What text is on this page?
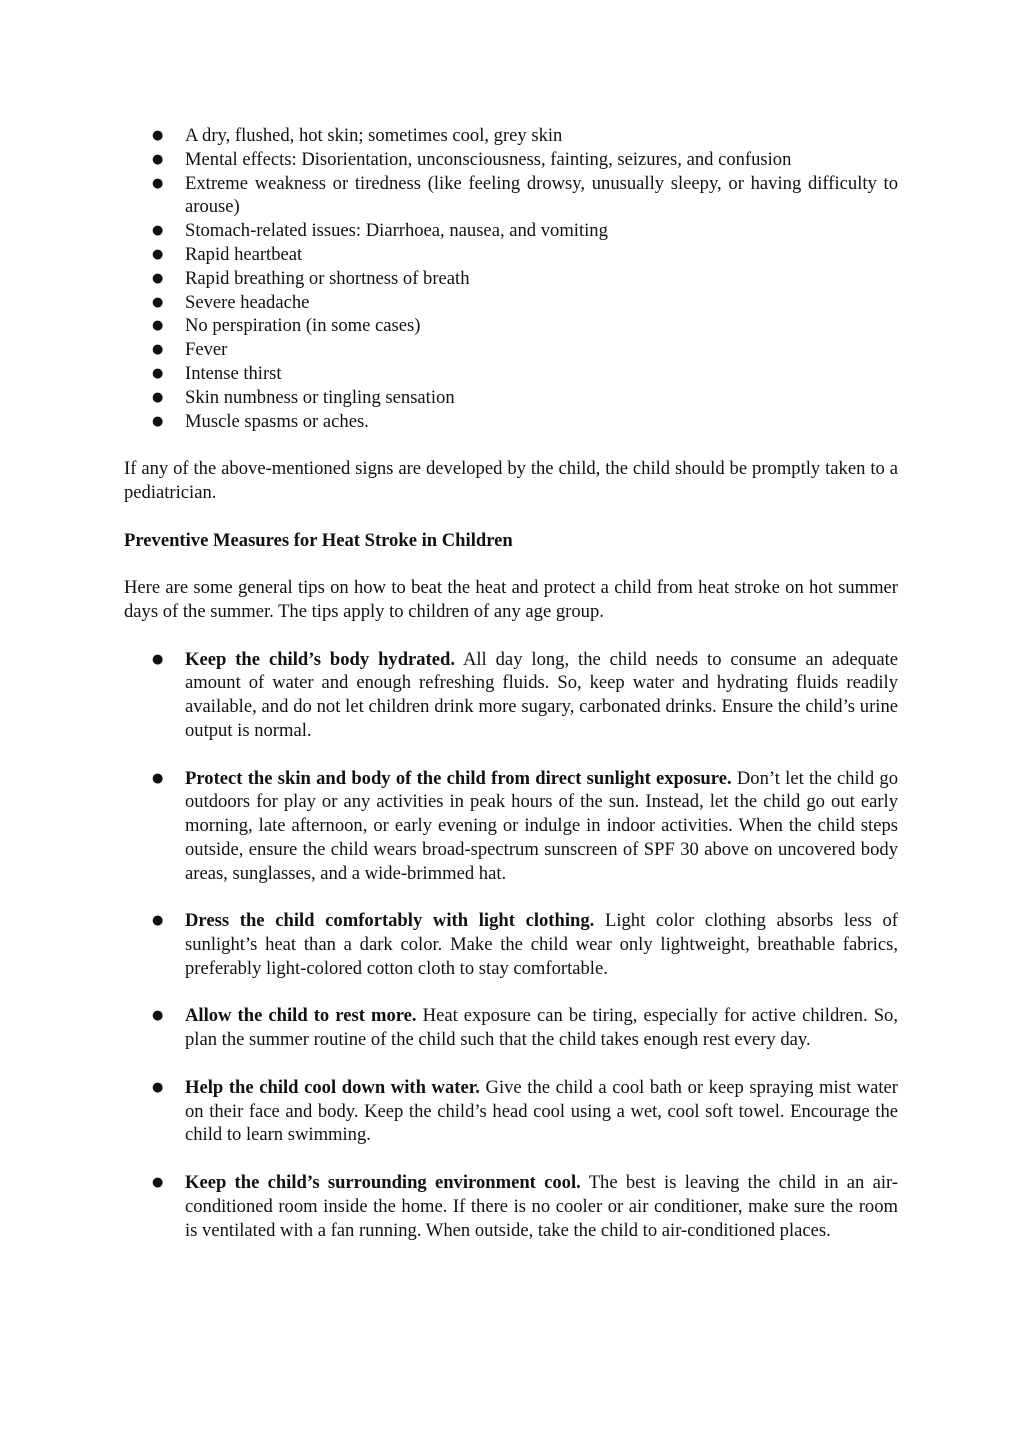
● A dry, flushed, hot skin; sometimes cool, grey skin
● Mental effects: Disorientation, unconsciousness, fainting, seizures, and confusion
● Extreme weakness or tiredness (like feeling drowsy, unusually sleepy, or having difficulty to arouse)
● Stomach-related issues: Diarrhoea, nausea, and vomiting
● Rapid heartbeat
● Rapid breathing or shortness of breath
● Severe headache
● No perspiration (in some cases)
● Fever
● Intense thirst
● Skin numbness or tingling sensation
● Muscle spasms or aches.

If any of the above-mentioned signs are developed by the child, the child should be promptly taken to a pediatrician.

Preventive Measures for Heat Stroke in Children

Here are some general tips on how to beat the heat and protect a child from heat stroke on hot summer days of the summer. The tips apply to children of any age group.

● Keep the child’s body hydrated. All day long, the child needs to consume an adequate amount of water and enough refreshing fluids. So, keep water and hydrating fluids readily available, and do not let children drink more sugary, carbonated drinks. Ensure the child’s urine output is normal.
● Protect the skin and body of the child from direct sunlight exposure. Don’t let the child go outdoors for play or any activities in peak hours of the sun. Instead, let the child go out early morning, late afternoon, or early evening or indulge in indoor activities. When the child steps outside, ensure the child wears broad-spectrum sunscreen of SPF 30 above on uncovered body areas, sunglasses, and a wide-brimmed hat.
● Dress the child comfortably with light clothing. Light color clothing absorbs less of sunlight’s heat than a dark color. Make the child wear only lightweight, breathable fabrics, preferably light-colored cotton cloth to stay comfortable.
● Allow the child to rest more. Heat exposure can be tiring, especially for active children. So, plan the summer routine of the child such that the child takes enough rest every day.
● Help the child cool down with water. Give the child a cool bath or keep spraying mist water on their face and body. Keep the child’s head cool using a wet, cool soft towel. Encourage the child to learn swimming.
● Keep the child’s surrounding environment cool. The best is leaving the child in an air-conditioned room inside the home. If there is no cooler or air conditioner, make sure the room is ventilated with a fan running. When outside, take the child to air-conditioned places.
